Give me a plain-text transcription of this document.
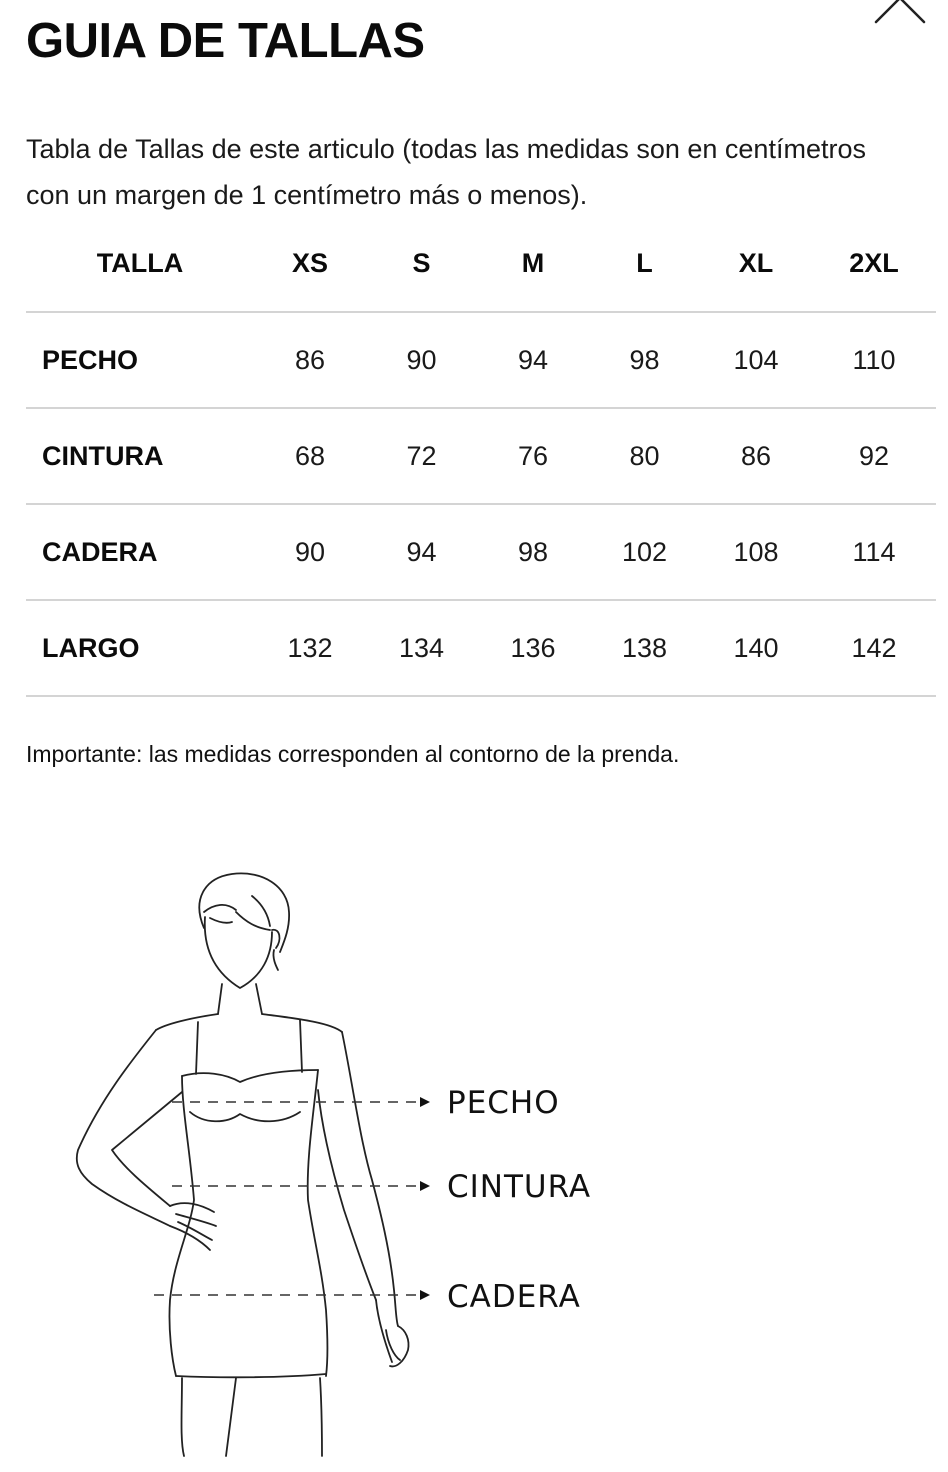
GUIA DE TALLAS

Tabla de Tallas de este articulo (todas las medidas son en centímetros
con un margen de 1 centímetro más o menos).

TALLA	XS	S	M	L	XL	2XL
PECHO	86	90	94	98	104	110
CINTURA	68	72	76	80	86	92
CADERA	90	94	98	102	108	114
LARGO	132	134	136	138	140	142

Importante: las medidas corresponden al contorno de la prenda.

PECHO
CINTURA
CADERA
